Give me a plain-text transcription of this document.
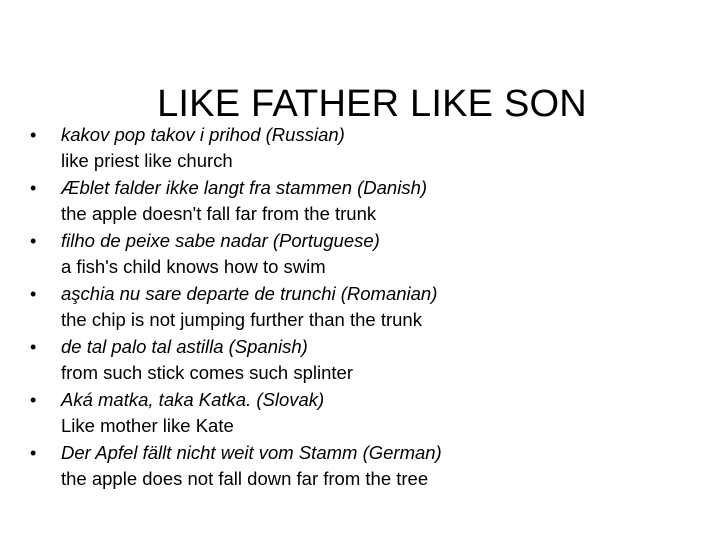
LIKE FATHER LIKE SON
• kakov pop takov i prihod (Russian)
like priest like church
• Æblet falder ikke langt fra stammen (Danish)
the apple doesn't fall far from the trunk
• filho de peixe sabe nadar (Portuguese)
a fish's child knows how to swim
• aşchia nu sare departe de trunchi (Romanian)
the chip is not jumping further than the trunk
• de tal palo tal astilla (Spanish)
from such stick comes such splinter
• Aká matka, taka Katka. (Slovak)
Like mother like Kate
• Der Apfel fällt nicht weit vom Stamm (German)
the apple does not fall down far from the tree
